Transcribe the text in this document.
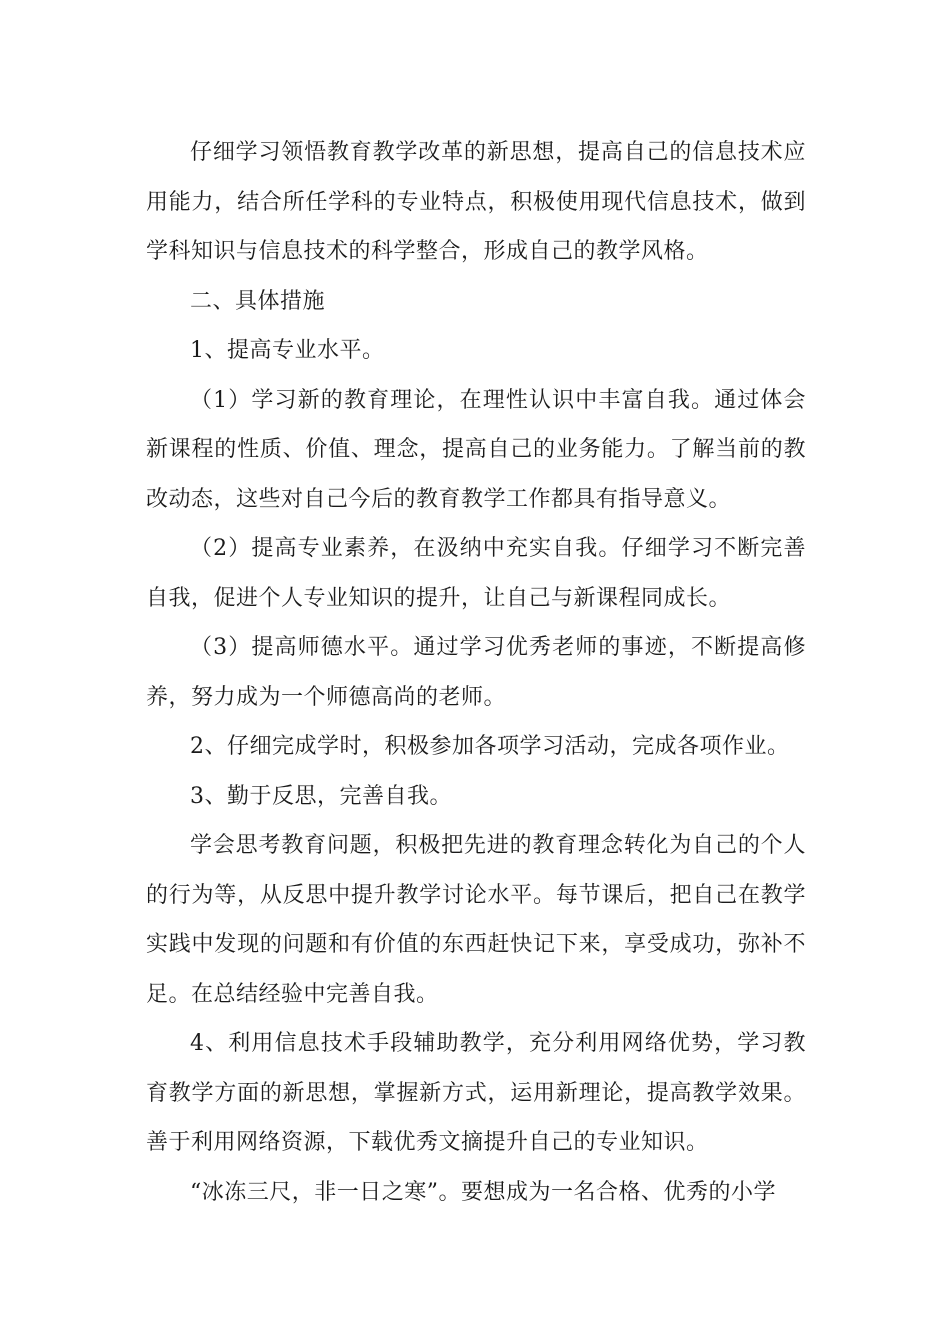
仔细学习领悟教育教学改革的新思想，提高自己的信息技术应用能力，结合所任学科的专业特点，积极使用现代信息技术，做到学科知识与信息技术的科学整合，形成自己的教学风格。

二、具体措施

1、提高专业水平。

（1）学习新的教育理论，在理性认识中丰富自我。通过体会新课程的性质、价值、理念，提高自己的业务能力。了解当前的教改动态，这些对自己今后的教育教学工作都具有指导意义。

（2）提高专业素养，在汲纳中充实自我。仔细学习不断完善自我，促进个人专业知识的提升，让自己与新课程同成长。

（3）提高师德水平。通过学习优秀老师的事迹，不断提高修养，努力成为一个师德高尚的老师。

2、仔细完成学时，积极参加各项学习活动，完成各项作业。

3、勤于反思，完善自我。

学会思考教育问题，积极把先进的教育理念转化为自己的个人的行为等，从反思中提升教学讨论水平。每节课后，把自己在教学实践中发现的问题和有价值的东西赶快记下来，享受成功，弥补不足。在总结经验中完善自我。

4、利用信息技术手段辅助教学，充分利用网络优势，学习教育教学方面的新思想，掌握新方式，运用新理论，提高教学效果。善于利用网络资源，下载优秀文摘提升自己的专业知识。

“冰冻三尺，非一日之寒”。要想成为一名合格、优秀的小学
